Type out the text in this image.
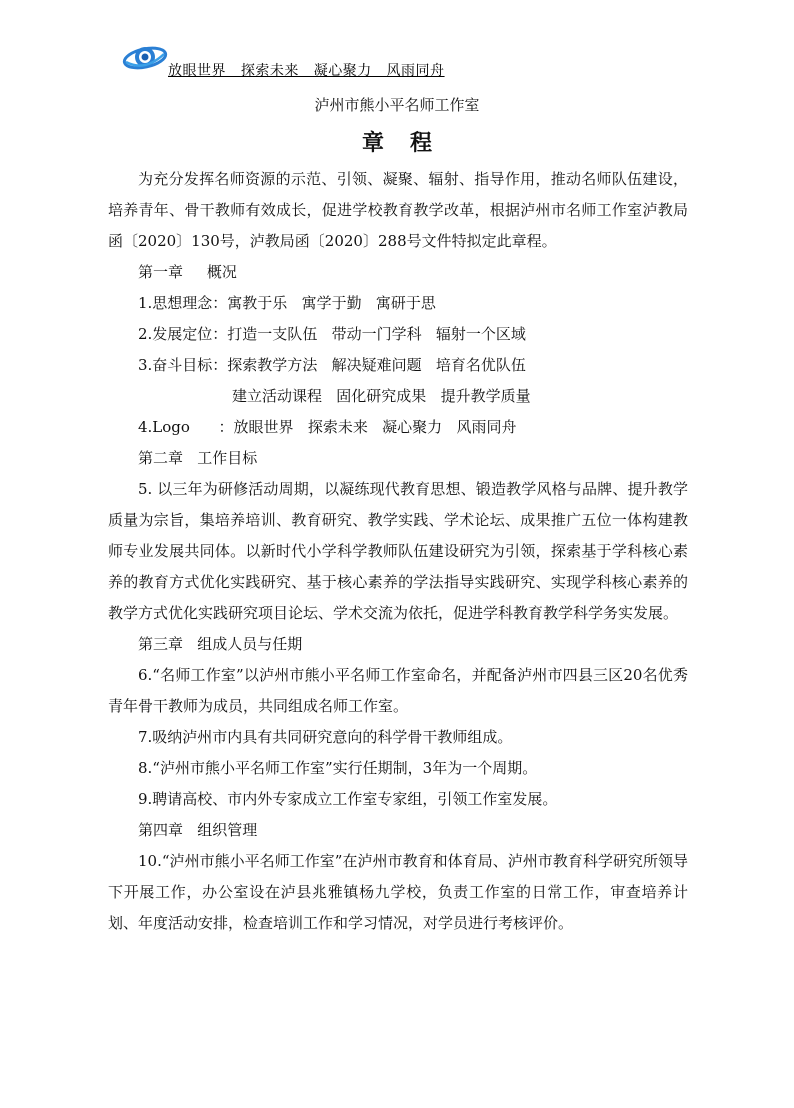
放眼世界   探索未来   凝心聚力   风雨同舟
泸州市熊小平名师工作室
章程

为充分发挥名师资源的示范、引领、凝聚、辐射、指导作用，推动名师队伍建设，培养青年、骨干教师有效成长，促进学校教育教学改革，根据泸州市名师工作室泸教局函〔2020〕130号，泸教局函〔2020〕288号文件特拟定此章程。

第一章     概况

1.思想理念：寓教于乐   寓学于勤   寓研于思

2.发展定位：打造一支队伍   带动一门学科   辐射一个区域

3.奋斗目标：探索教学方法   解决疑难问题   培育名优队伍

建立活动课程   固化研究成果   提升教学质量

4.Logo      ：放眼世界   探索未来   凝心聚力   风雨同舟

第二章   工作目标

5. 以三年为研修活动周期，以凝练现代教育思想、锻造教学风格与品牌、提升教学质量为宗旨，集培养培训、教育研究、教学实践、学术论坛、成果推广五位一体构建教师专业发展共同体。以新时代小学科学教师队伍建设研究为引领，探索基于学科核心素养的教育方式优化实践研究、基于核心素养的学法指导实践研究、实现学科核心素养的教学方式优化实践研究项目论坛、学术交流为依托，促进学科教育教学科学务实发展。

第三章   组成人员与任期

6.“名师工作室”以泸州市熊小平名师工作室命名，并配备泸州市四县三区20名优秀青年骨干教师为成员，共同组成名师工作室。

7.吸纳泸州市内具有共同研究意向的科学骨干教师组成。

8.“泸州市熊小平名师工作室”实行任期制，3年为一个周期。

9.聘请高校、市内外专家成立工作室专家组，引领工作室发展。

第四章   组织管理

10.“泸州市熊小平名师工作室”在泸州市教育和体育局、泸州市教育科学研究所领导下开展工作，办公室设在泸县兆雅镇杨九学校，负责工作室的日常工作，审查培养计划、年度活动安排，检查培训工作和学习情况，对学员进行考核评价。
